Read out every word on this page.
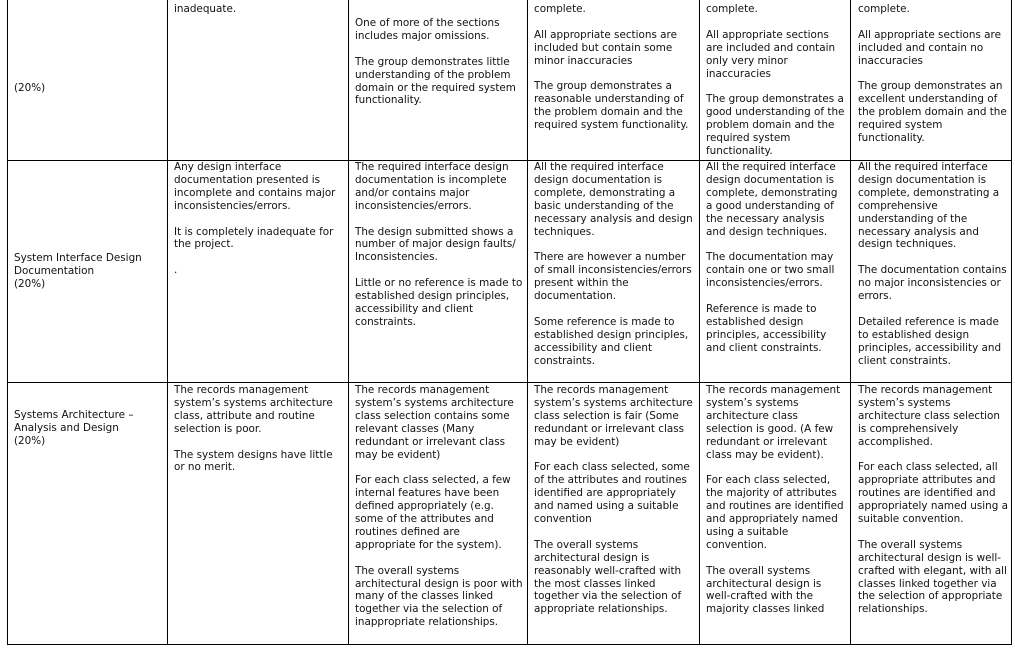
(20%)

inadequate.

One of more of the sections includes major omissions.

The group demonstrates little understanding of the problem domain or the required system functionality.

complete.

All appropriate sections are included but contain some minor inaccuracies

The group demonstrates a reasonable understanding of the problem domain and the required system functionality.

complete.

All appropriate sections are included and contain only very minor inaccuracies

The group demonstrates a good understanding of the problem domain and the required system functionality.

complete.

All appropriate sections are included and contain no inaccuracies

The group demonstrates an excellent understanding of the problem domain and the required system functionality.

System Interface Design Documentation
(20%)

Any design interface documentation presented is incomplete and contains major inconsistencies/errors.

It is completely inadequate for the project.

.

The required interface design documentation is incomplete and/or contains major inconsistencies/errors.

The design submitted shows a number of major design faults/ Inconsistencies.

Little or no reference is made to established design principles, accessibility and client constraints.

All the required interface design documentation is complete, demonstrating a basic understanding of the necessary analysis and design techniques.

There are however a number of small inconsistencies/errors present within the documentation.

Some reference is made to established design principles, accessibility and client constraints.

All the required interface design documentation is complete, demonstrating a good understanding of the necessary analysis and design techniques.

The documentation may contain one or two small inconsistencies/errors.

Reference is made to established design principles, accessibility and client constraints.

All the required interface design documentation is complete, demonstrating a comprehensive understanding of the necessary analysis and design techniques.

The documentation contains no major inconsistencies or errors.

Detailed reference is made to established design principles, accessibility and client constraints.

Systems Architecture – Analysis and Design
(20%)

The records management system’s systems architecture class, attribute and routine selection is poor.

The system designs have little or no merit.

The records management system’s systems architecture class selection contains some relevant classes (Many redundant or irrelevant class may be evident)

For each class selected, a few internal features have been defined appropriately (e.g. some of the attributes and routines defined are appropriate for the system).

The overall systems architectural design is poor with many of the classes linked together via the selection of inappropriate relationships.

The records management system’s systems architecture class selection is fair (Some redundant or irrelevant class may be evident)

For each class selected, some of the attributes and routines identified are appropriately and named using a suitable convention

The overall systems architectural design is reasonably well-crafted with the most classes linked together via the selection of appropriate relationships.

The records management system’s systems architecture class selection is good. (A few redundant or irrelevant class may be evident).

For each class selected, the majority of attributes and routines are identified and appropriately named using a suitable convention.

The overall systems architectural design is well-crafted with the majority classes linked

The records management system’s systems architecture class selection is comprehensively accomplished.

For each class selected, all appropriate attributes and routines are identified and appropriately named using a suitable convention.

The overall systems architectural design is well-crafted with elegant, with all classes linked together via the selection of appropriate relationships.
